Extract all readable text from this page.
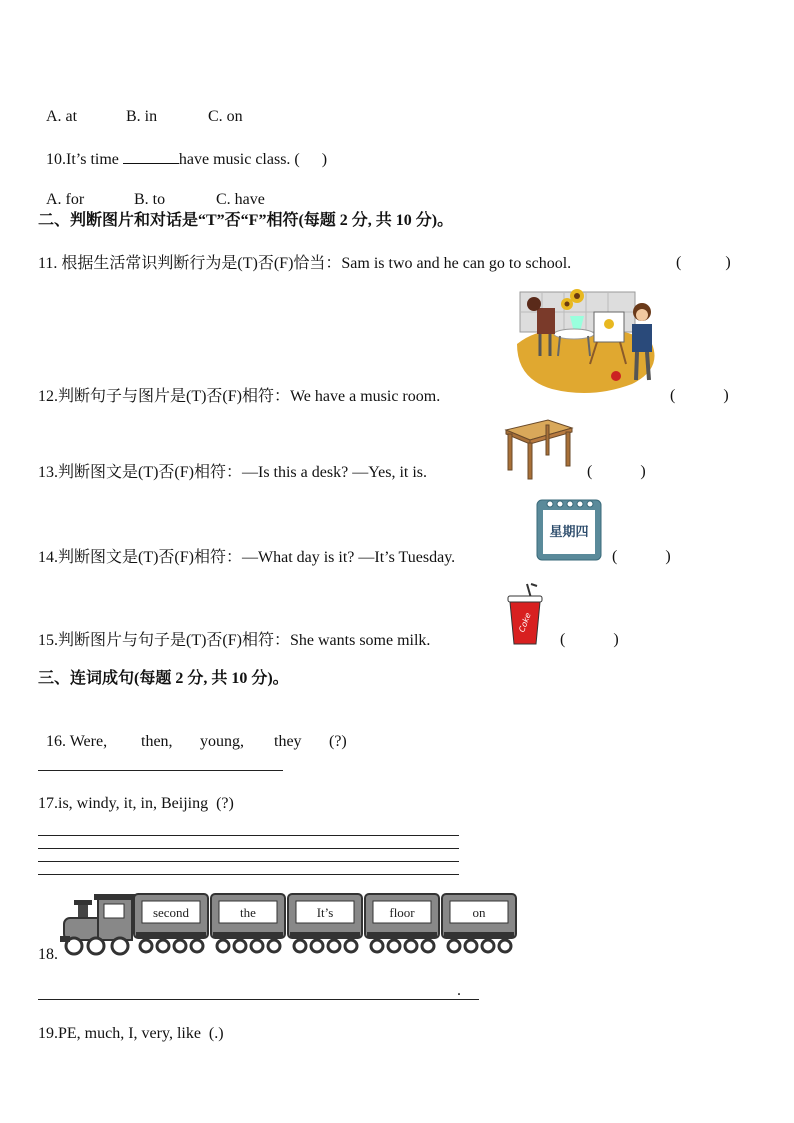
A. at	B. in	C. on

10.It’s time	have music class. ( )

A. for	B. to	C. have

二、判断图片和对话是“T”否“F”相符(每题 2 分, 共 10 分)。
11. 根据生活常识判断行为是(T)否(F)恰当：Sam is two and he can go to school.	(           )
12.判断句子与图片是(T)否(F)相符：We have a music room.	(            )
13.判断图文是(T)否(F)相符：—Is this a desk? —Yes, it is.	(            )
星期四
14.判断图文是(T)否(F)相符：—What day is it? —It’s Tuesday.	(            )
Coke
15.判断图片与句子是(T)否(F)相符：She wants some milk.	(            )
三、连词成句(每题 2 分, 共 10 分)。

16. Were, then, young, they (?)

17.is, windy, it, in, Beijing  (?)
18.
second	the	It’s	floor	on
.
19.PE, much, I, very, like  (.)
